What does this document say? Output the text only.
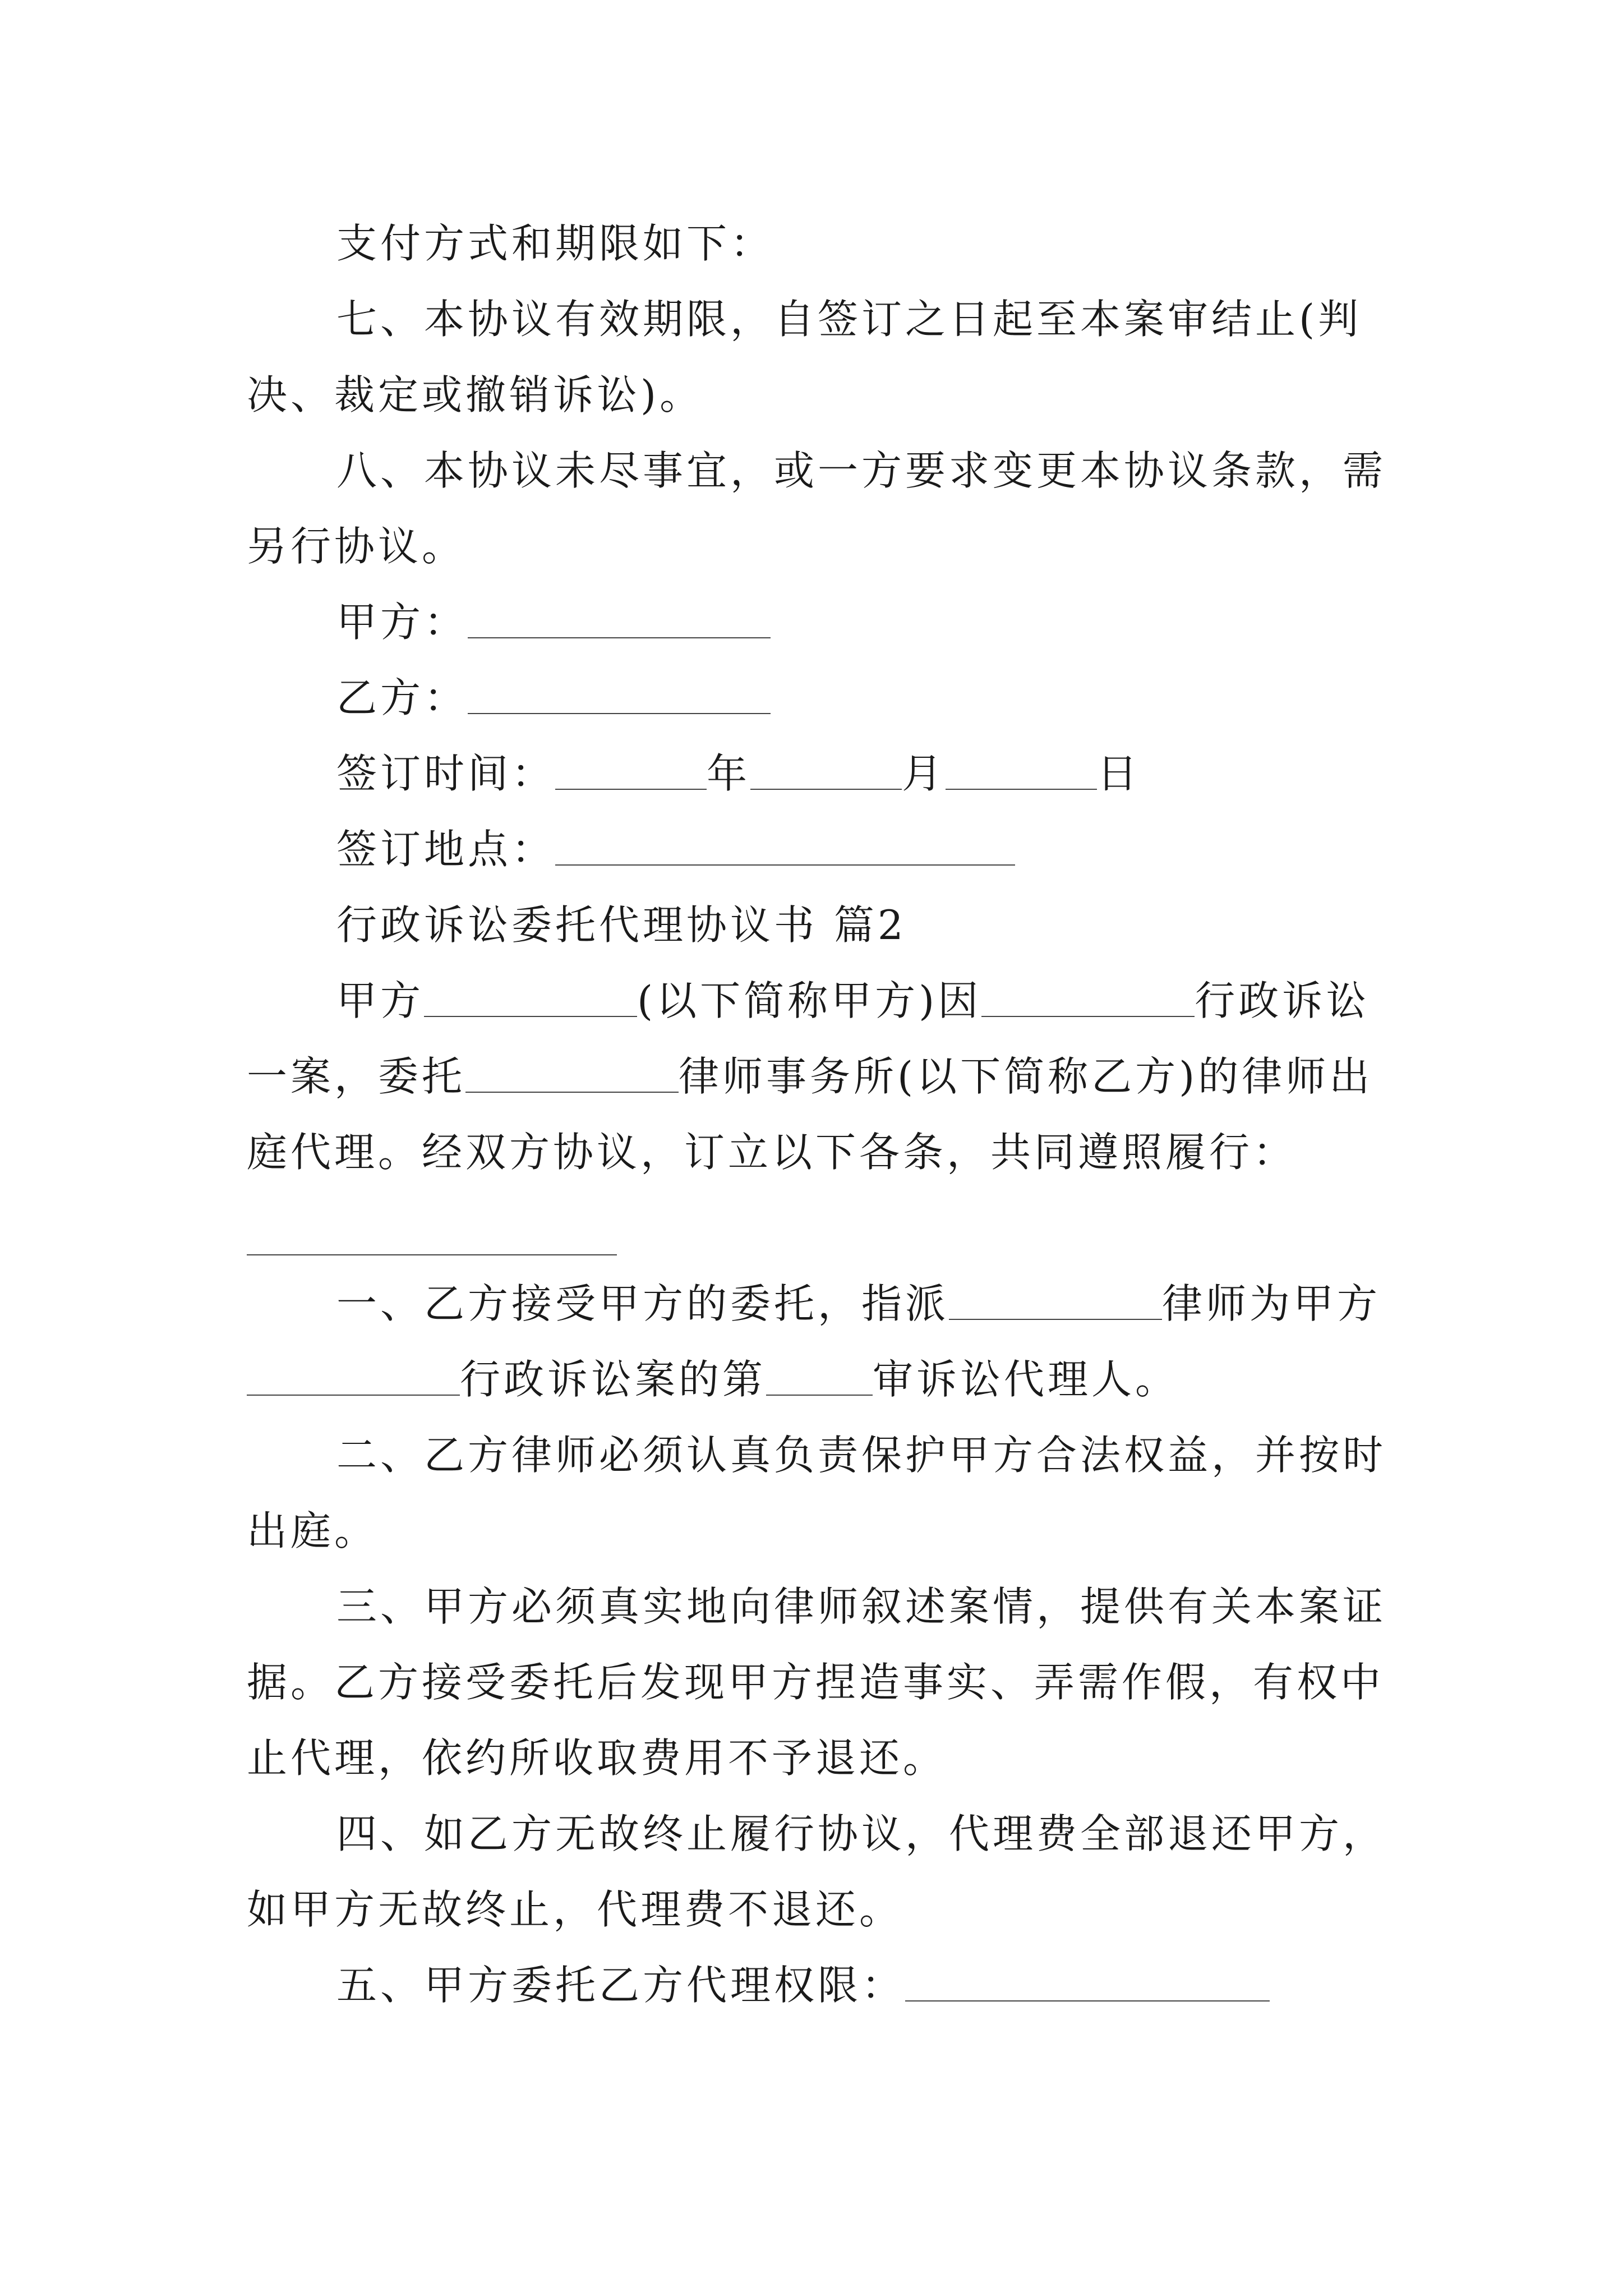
支付方式和期限如下：

七、本协议有效期限，自签订之日起至本案审结止(判

决、裁定或撤销诉讼)。

八、本协议未尽事宜，或一方要求变更本协议条款，需

另行协议。

甲方：

乙方：

签订时间：	年	月	日

签订地点：

行政诉讼委托代理协议书 篇2

甲方	(以下简称甲方)因	行政诉讼

一案，委托	律师事务所(以下简称乙方)的律师出

庭代理。经双方协议，订立以下各条，共同遵照履行：

一、乙方接受甲方的委托，指派	律师为甲方

行政诉讼案的第	审诉讼代理人。

二、乙方律师必须认真负责保护甲方合法权益，并按时

出庭。

三、甲方必须真实地向律师叙述案情，提供有关本案证

据。乙方接受委托后发现甲方捏造事实、弄需作假，有权中

止代理，依约所收取费用不予退还。

四、如乙方无故终止履行协议，代理费全部退还甲方，

如甲方无故终止，代理费不退还。

五、甲方委托乙方代理权限：
